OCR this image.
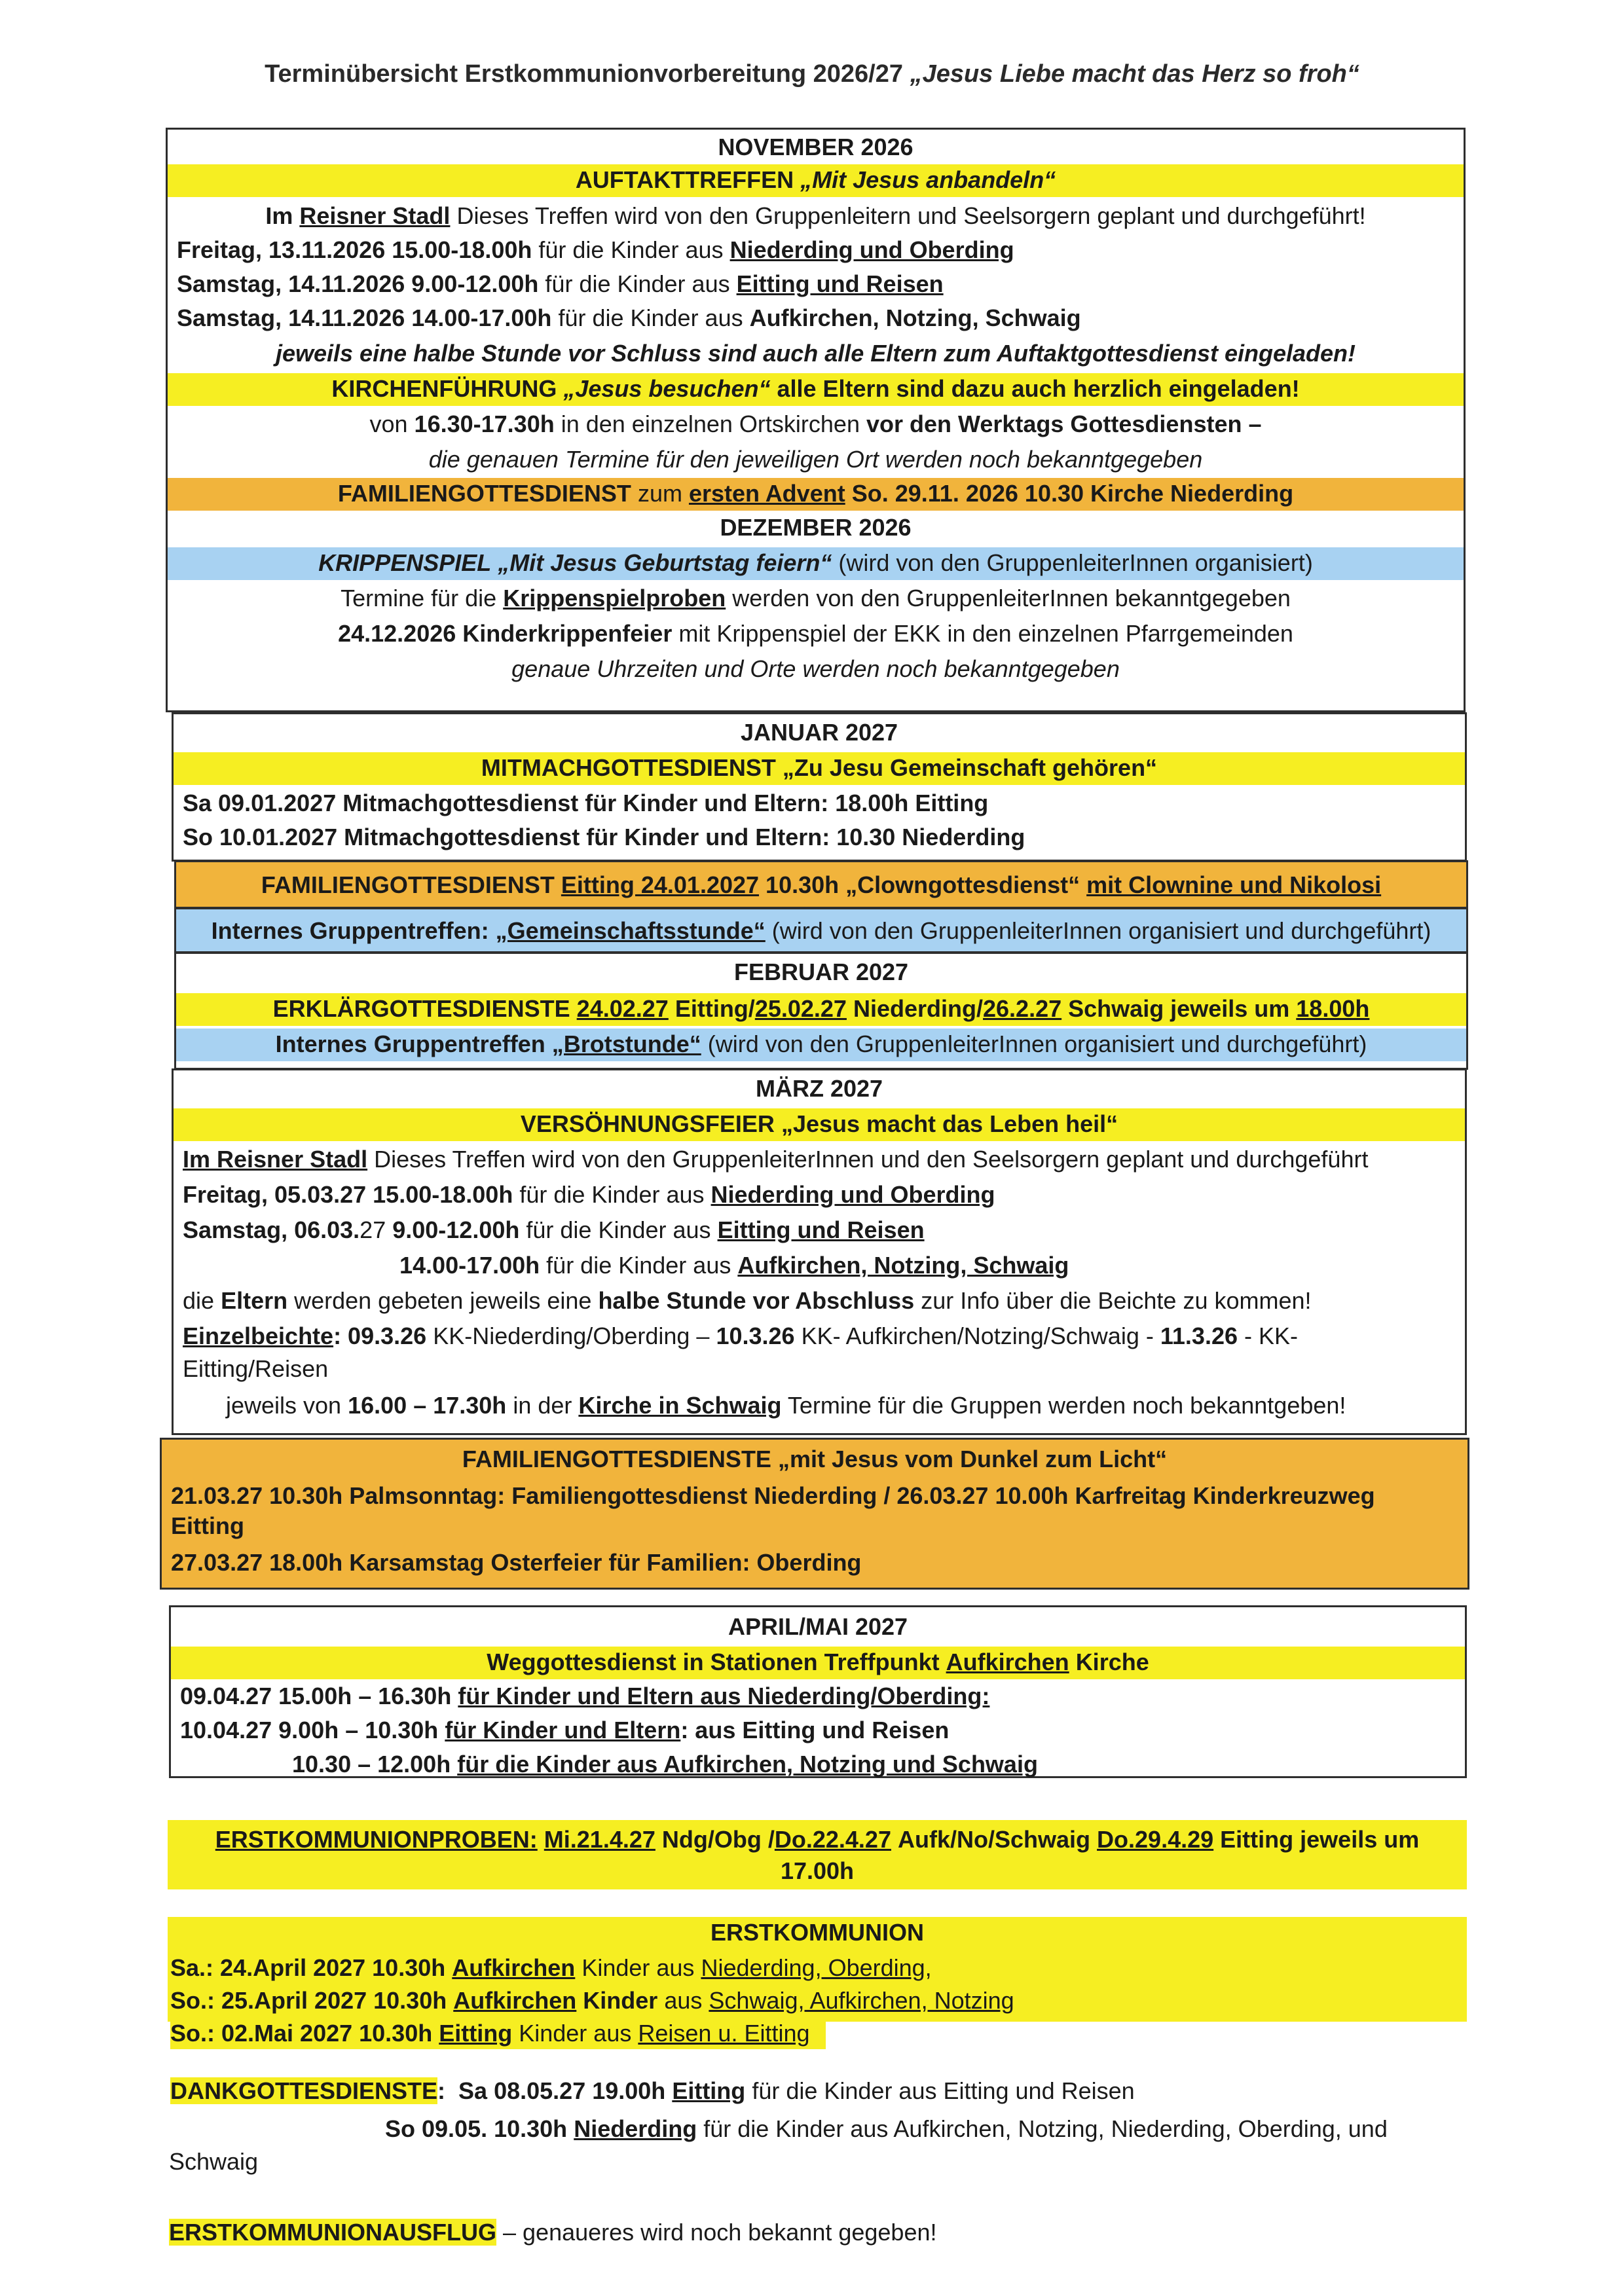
Terminübersicht Erstkommunionvorbereitung 2026/27 „Jesus Liebe macht das Herz so froh“
NOVEMBER 2026
AUFTAKTTREFFEN „Mit Jesus anbandeln“
Im Reisner Stadl Dieses Treffen wird von den Gruppenleitern und Seelsorgern geplant und durchgeführt!
Freitag, 13.11.2026 15.00-18.00h für die Kinder aus Niederding und Oberding
Samstag, 14.11.2026 9.00-12.00h für die Kinder aus Eitting und Reisen
Samstag, 14.11.2026 14.00-17.00h für die Kinder aus Aufkirchen, Notzing, Schwaig
jeweils eine halbe Stunde vor Schluss sind auch alle Eltern zum Auftaktgottesdienst eingeladen!
KIRCHENFÜHRUNG „Jesus besuchen“ alle Eltern sind dazu auch herzlich eingeladen!
von 16.30-17.30h in den einzelnen Ortskirchen vor den Werktags Gottesdiensten –
die genauen Termine für den jeweiligen Ort werden noch bekanntgegeben
FAMILIENGOTTESDIENST zum ersten Advent So. 29.11. 2026 10.30 Kirche Niederding
DEZEMBER 2026
KRIPPENSPIEL „Mit Jesus Geburtstag feiern“ (wird von den GruppenleiterInnen organisiert)
Termine für die Krippenspielproben werden von den GruppenleiterInnen bekanntgegeben
24.12.2026 Kinderkrippenfeier mit Krippenspiel der EKK in den einzelnen Pfarrgemeinden
genaue Uhrzeiten und Orte werden noch bekanntgegeben
JANUAR 2027
MITMACHGOTTESDIENST „Zu Jesu Gemeinschaft gehören“
Sa 09.01.2027 Mitmachgottesdienst für Kinder und Eltern: 18.00h Eitting
So 10.01.2027 Mitmachgottesdienst für Kinder und Eltern: 10.30 Niederding
FAMILIENGOTTESDIENST Eitting 24.01.2027 10.30h „Clowngottesdienst“ mit Clownine und Nikolosi
Internes Gruppentreffen: „Gemeinschaftsstunde“ (wird von den GruppenleiterInnen organisiert und durchgeführt)
FEBRUAR 2027
ERKLÄRGOTTESDIENSTE 24.02.27 Eitting/25.02.27 Niederding/26.2.27 Schwaig jeweils um 18.00h
Internes Gruppentreffen „Brotstunde“ (wird von den GruppenleiterInnen organisiert und durchgeführt)
MÄRZ 2027
VERSÖHNUNGSFEIER „Jesus macht das Leben heil“
Im Reisner Stadl Dieses Treffen wird von den GruppenleiterInnen und den Seelsorgern geplant und durchgeführt
Freitag, 05.03.27 15.00-18.00h für die Kinder aus Niederding und Oberding
Samstag, 06.03.27 9.00-12.00h für die Kinder aus Eitting und Reisen
14.00-17.00h für die Kinder aus Aufkirchen, Notzing, Schwaig
die Eltern werden gebeten jeweils eine halbe Stunde vor Abschluss zur Info über die Beichte zu kommen!
Einzelbeichte: 09.3.26 KK-Niederding/Oberding – 10.3.26 KK- Aufkirchen/Notzing/Schwaig - 11.3.26 - KK-
Eitting/Reisen
jeweils von 16.00 – 17.30h in der Kirche in Schwaig Termine für die Gruppen werden noch bekanntgeben!
FAMILIENGOTTESDIENSTE „mit Jesus vom Dunkel zum Licht“
21.03.27 10.30h Palmsonntag: Familiengottesdienst Niederding / 26.03.27 10.00h Karfreitag Kinderkreuzweg
Eitting
27.03.27 18.00h Karsamstag Osterfeier für Familien: Oberding
APRIL/MAI 2027
Weggottesdienst in Stationen Treffpunkt Aufkirchen Kirche
09.04.27 15.00h – 16.30h für Kinder und Eltern aus Niederding/Oberding:
10.04.27 9.00h – 10.30h für Kinder und Eltern: aus Eitting und Reisen
10.30 – 12.00h für die Kinder aus Aufkirchen, Notzing und Schwaig
ERSTKOMMUNIONPROBEN: Mi.21.4.27 Ndg/Obg /Do.22.4.27 Aufk/No/Schwaig Do.29.4.29 Eitting jeweils um
17.00h
ERSTKOMMUNION
Sa.: 24.April 2027 10.30h Aufkirchen Kinder aus Niederding, Oberding,
So.: 25.April 2027 10.30h Aufkirchen Kinder aus Schwaig, Aufkirchen, Notzing
So.: 02.Mai 2027 10.30h Eitting Kinder aus Reisen u. Eitting
DANKGOTTESDIENSTE: Sa 08.05.27 19.00h Eitting für die Kinder aus Eitting und Reisen
So 09.05. 10.30h Niederding für die Kinder aus Aufkirchen, Notzing, Niederding, Oberding, und
Schwaig
ERSTKOMMUNIONAUSFLUG – genaueres wird noch bekannt gegeben!
